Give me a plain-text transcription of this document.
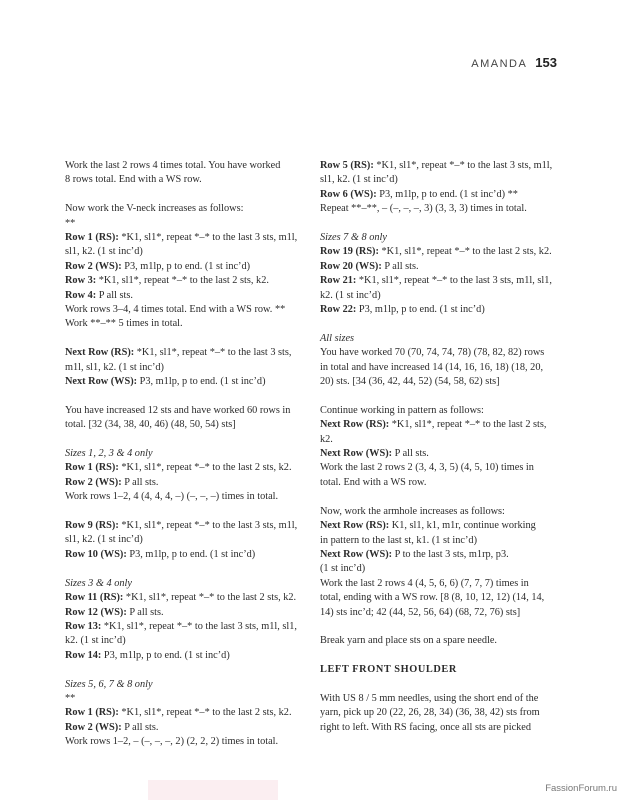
AMANDA 153
Work the last 2 rows 4 times total. You have worked
8 rows total. End with a WS row.
Now work the V-neck increases as follows:
**
Row 1 (RS): *K1, sl1*, repeat *–* to the last 3 sts, m1l,
sl1, k2. (1 st inc’d)
Row 2 (WS): P3, m1lp, p to end. (1 st inc’d)
Row 3: *K1, sl1*, repeat *–* to the last 2 sts, k2.
Row 4: P all sts.
Work rows 3–4, 4 times total. End with a WS row. **
Work **–** 5 times in total.
Next Row (RS): *K1, sl1*, repeat *–* to the last 3 sts,
m1l, sl1, k2. (1 st inc’d)
Next Row (WS): P3, m1lp, p to end. (1 st inc’d)
You have increased 12 sts and have worked 60 rows in
total. [32 (34, 38, 40, 46) (48, 50, 54) sts]
Sizes 1, 2, 3 & 4 only
Row 1 (RS): *K1, sl1*, repeat *–* to the last 2 sts, k2.
Row 2 (WS): P all sts.
Work rows 1–2, 4 (4, 4, 4, –) (–, –, –) times in total.
Row 9 (RS): *K1, sl1*, repeat *–* to the last 3 sts, m1l,
sl1, k2. (1 st inc’d)
Row 10 (WS): P3, m1lp, p to end. (1 st inc’d)
Sizes 3 & 4 only
Row 11 (RS): *K1, sl1*, repeat *–* to the last 2 sts, k2.
Row 12 (WS): P all sts.
Row 13: *K1, sl1*, repeat *–* to the last 3 sts, m1l, sl1,
k2. (1 st inc’d)
Row 14: P3, m1lp, p to end. (1 st inc’d)
Sizes 5, 6, 7 & 8 only
**
Row 1 (RS): *K1, sl1*, repeat *–* to the last 2 sts, k2.
Row 2 (WS): P all sts.
Work rows 1–2, – (–, –, –, 2) (2, 2, 2) times in total.
Row 5 (RS): *K1, sl1*, repeat *–* to the last 3 sts, m1l,
sl1, k2. (1 st inc’d)
Row 6 (WS): P3, m1lp, p to end. (1 st inc’d) **
Repeat **–**, – (–, –, –, 3) (3, 3, 3) times in total.
Sizes 7 & 8 only
Row 19 (RS): *K1, sl1*, repeat *–* to the last 2 sts, k2.
Row 20 (WS): P all sts.
Row 21: *K1, sl1*, repeat *–* to the last 3 sts, m1l, sl1,
k2. (1 st inc’d)
Row 22: P3, m1lp, p to end. (1 st inc’d)
All sizes
You have worked 70 (70, 74, 74, 78) (78, 82, 82) rows
in total and have increased 14 (14, 16, 16, 18) (18, 20,
20) sts. [34 (36, 42, 44, 52) (54, 58, 62) sts]
Continue working in pattern as follows:
Next Row (RS): *K1, sl1*, repeat *–* to the last 2 sts,
k2.
Next Row (WS): P all sts.
Work the last 2 rows 2 (3, 4, 3, 5) (4, 5, 10) times in
total. End with a WS row.
Now, work the armhole increases as follows:
Next Row (RS): K1, sl1, k1, m1r, continue working
in pattern to the last st, k1. (1 st inc’d)
Next Row (WS): P to the last 3 sts, m1rp, p3.
(1 st inc’d)
Work the last 2 rows 4 (4, 5, 6, 6) (7, 7, 7) times in
total, ending with a WS row. [8 (8, 10, 12, 12) (14, 14,
14) sts inc’d; 42 (44, 52, 56, 64) (68, 72, 76) sts]
Break yarn and place sts on a spare needle.
LEFT FRONT SHOULDER
With US 8 / 5 mm needles, using the short end of the
yarn, pick up 20 (22, 26, 28, 34) (36, 38, 42) sts from
right to left. With RS facing, once all sts are picked
FassionForum.ru
